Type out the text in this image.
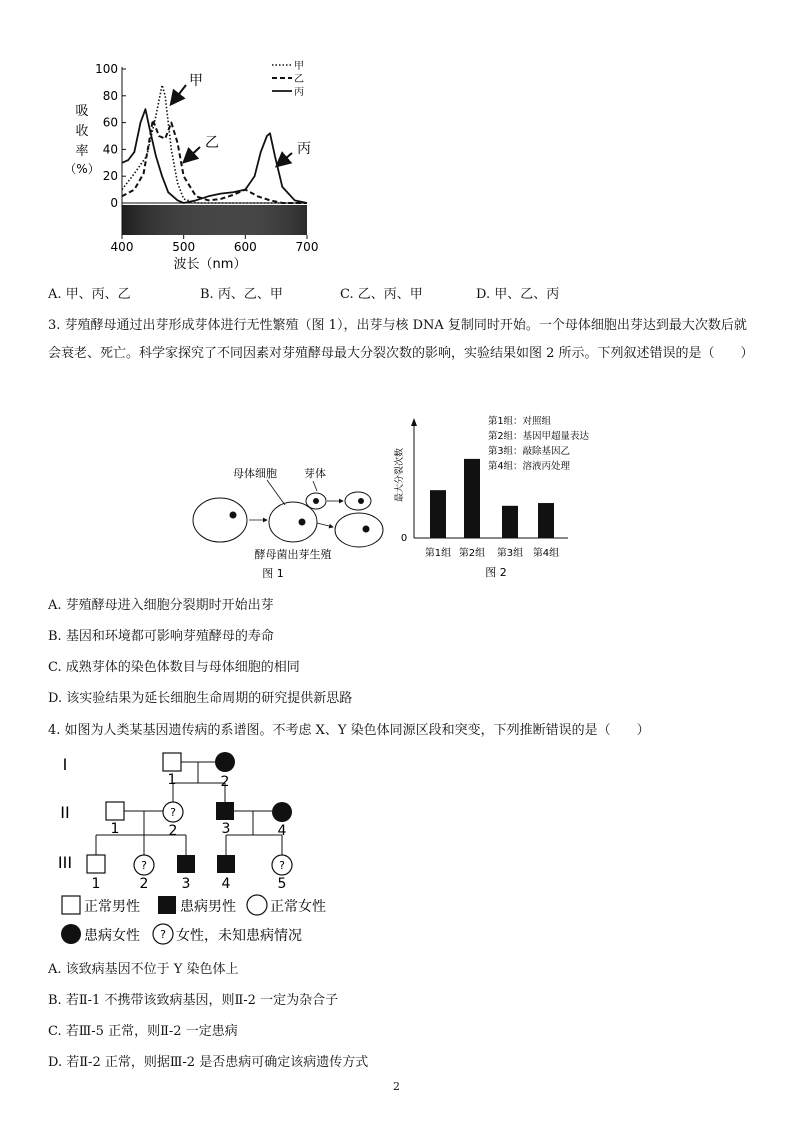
吸
收
率
（%）
100
80
60
40
20
0
400	500	600	700
波长（nm）
甲
乙
丙
甲
乙	丙
A. 甲、丙、乙	B. 丙、乙、甲	C. 乙、丙、甲	D. 甲、乙、丙
3. 芽殖酵母通过出芽形成芽体进行无性繁殖（图 1），出芽与核 DNA 复制同时开始。一个母体细胞出芽达到最大次数后就会衰老、死亡。科学家探究了不同因素对芽殖酵母最大分裂次数的影响，实验结果如图 2 所示。下列叙述错误的是（　　）
母体细胞 芽体
酵母菌出芽生殖
图 1
最大分裂次数
0
第1组：对照组
第2组：基因甲超量表达
第3组：敲除基因乙
第4组：溶液丙处理
第1组 第2组 第3组 第4组
图 2
A. 芽殖酵母进入细胞分裂期时开始出芽
B. 基因和环境都可影响芽殖酵母的寿命
C. 成熟芽体的染色体数目与母体细胞的相同
D. 该实验结果为延长细胞生命周期的研究提供新思路
4. 如图为人类某基因遗传病的系谱图。不考虑 X、Y 染色体同源区段和突变，下列推断错误的是（　　）
I
II
III
1	2
?
1	2	3	4
?	?
1	2 3 4	5
正常男性	患病男性 正常女性
患病女性 ? 女性，未知患病情况
A. 该致病基因不位于 Y 染色体上
B. 若Ⅱ-1 不携带该致病基因，则Ⅱ-2 一定为杂合子
C. 若Ⅲ-5 正常，则Ⅱ-2 一定患病
D. 若Ⅱ-2 正常，则据Ⅲ-2 是否患病可确定该病遗传方式
2
